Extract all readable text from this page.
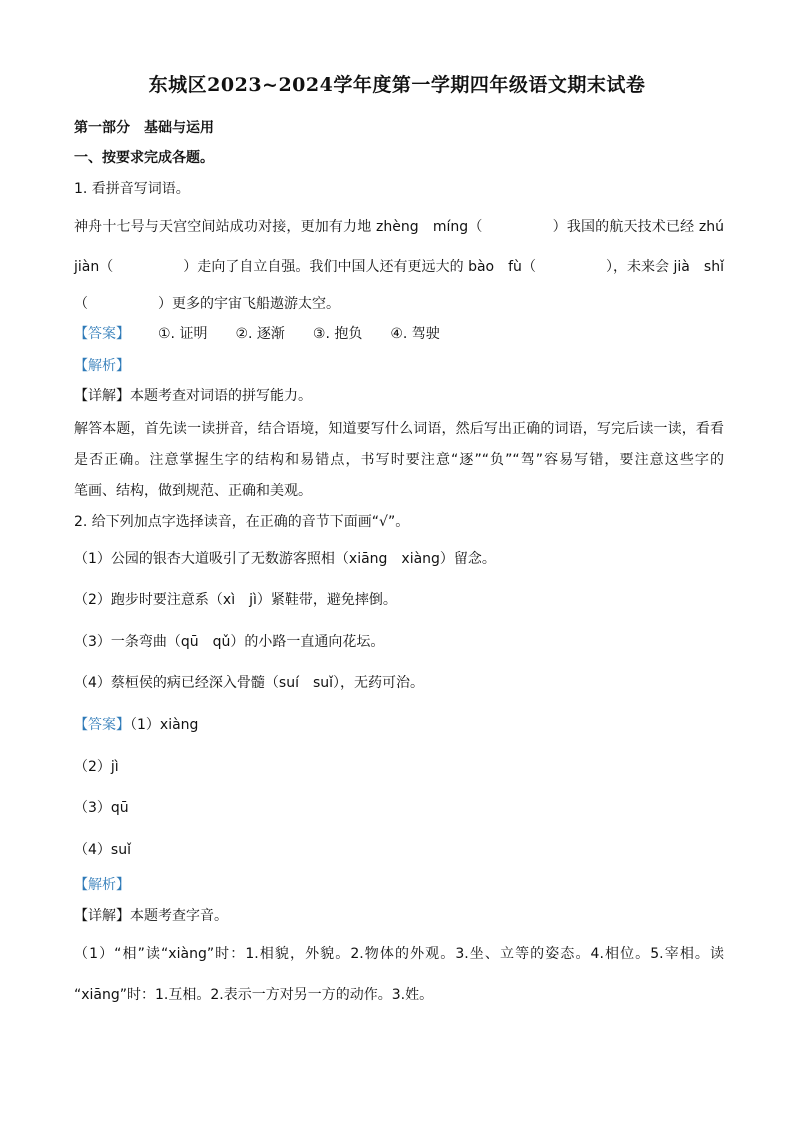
东城区2023~2024学年度第一学期四年级语文期末试卷
第一部分　基础与运用
一、按要求完成各题。
1. 看拼音写词语。
神舟十七号与天宫空间站成功对接，更加有力地 zhèng　míng（	）我国的航天技术已经 zhú
jiàn（	）走向了自立自强。我们中国人还有更远大的 bào　fù（	），未来会 jià　shǐ
（	）更多的宇宙飞船遨游太空。
【答案】 ①. 证明 ②. 逐渐 ③. 抱负 ④. 驾驶
【解析】
【详解】本题考查对词语的拼写能力。
解答本题，首先读一读拼音，结合语境，知道要写什么词语，然后写出正确的词语，写完后读一读，看看
是否正确。注意掌握生字的结构和易错点，书写时要注意“逐”“负”“驾”容易写错，要注意这些字的
笔画、结构，做到规范、正确和美观。
2. 给下列加点字选择读音，在正确的音节下面画“√”。
（1）公园的银杏大道吸引了无数游客照相（xiāng　xiàng）留念。
（2）跑步时要注意系（xì　jì）紧鞋带，避免摔倒。
（3）一条弯曲（qū　qǔ）的小路一直通向花坛。
（4）蔡桓侯的病已经深入骨髓（suí　suǐ），无药可治。
【答案】（1）xiàng
（2）jì
（3）qū
（4）suǐ
【解析】
【详解】本题考查字音。
（1）“相”读“xiàng”时：1.相貌，外貌。2.物体的外观。3.坐、立等的姿态。4.相位。5.宰相。读
“xiāng”时：1.互相。2.表示一方对另一方的动作。3.姓。
